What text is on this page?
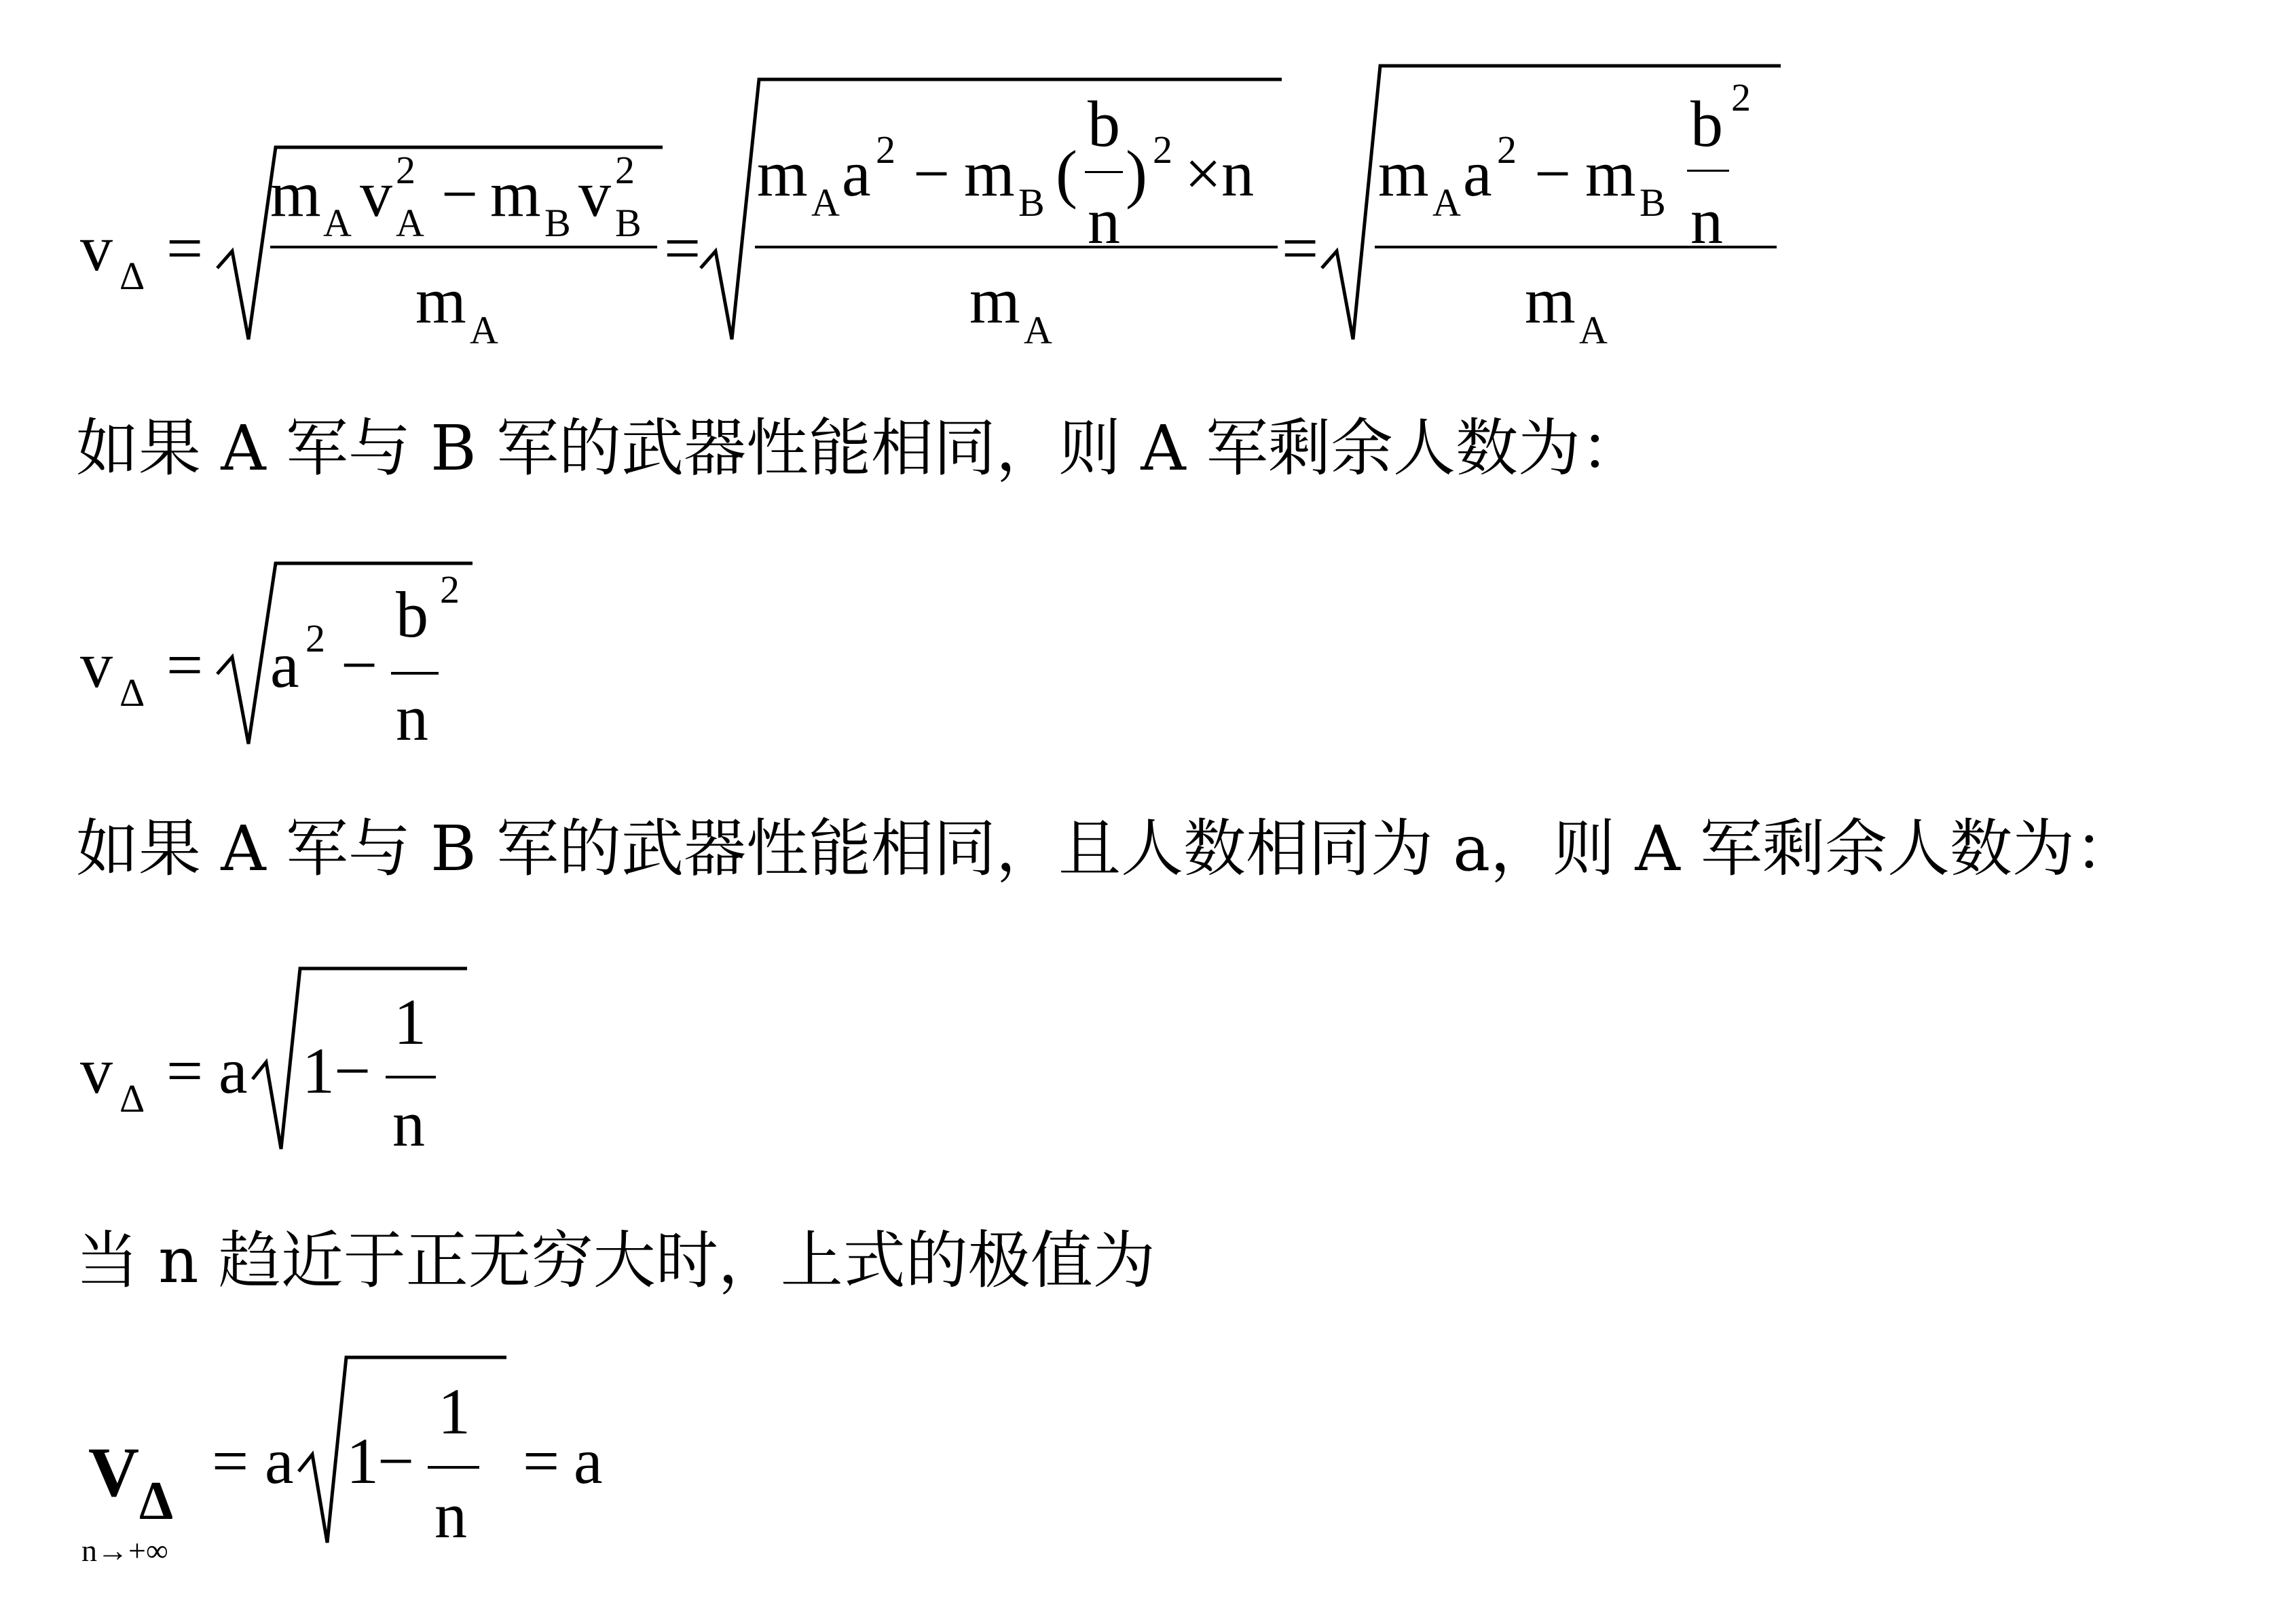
v Δ =
m A v 2
A − m B v 2
B
m A
=
m A a 2 − m B (
b
n
) 2 ×n
m A
=
m A a 2 − m B
b 2
n
m A
如果 A 军与 B 军的武器性能相同，则 A 军剩余人数为：
v Δ = a 2 −
b 2
n
如果 A 军与 B 军的武器性能相同，且人数相同为 a，则 A 军剩余人数为：
v Δ = a 1 −
1
n
当 n 趋近于正无穷大时，上式的极值为
V Δ
n→+∞
= a 1
−
1
n
= a
